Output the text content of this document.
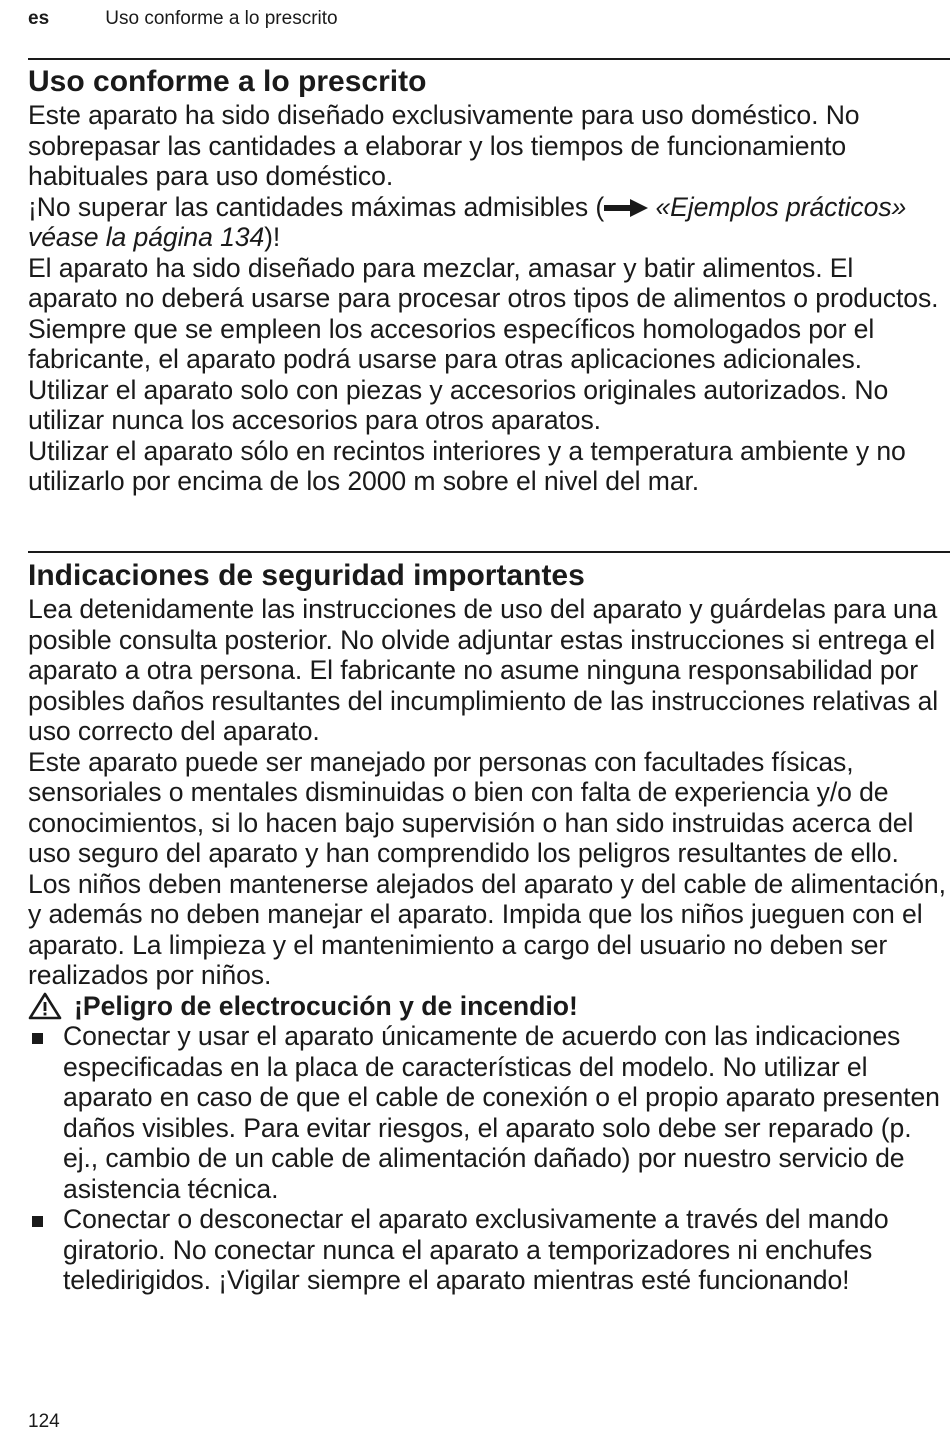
es	Uso conforme a lo prescrito
Uso conforme a lo prescrito

Este aparato ha sido diseñado exclusivamente para uso doméstico. No sobrepasar las cantidades a elaborar y los tiempos de funcionamiento habituales para uso doméstico.

¡No superar las cantidades máximas admisibles ( «Ejemplos prácticos» véase la página 134)!

El aparato ha sido diseñado para mezclar, amasar y batir alimentos. El aparato no deberá usarse para procesar otros tipos de alimentos o productos. Siempre que se empleen los accesorios específicos homologados por el fabricante, el aparato podrá usarse para otras aplicaciones adicionales. Utilizar el aparato solo con piezas y accesorios originales autorizados. No utilizar nunca los accesorios para otros aparatos.

Utilizar el aparato sólo en recintos interiores y a temperatura ambiente y no utilizarlo por encima de los 2000 m sobre el nivel del mar.

Indicaciones de seguridad importantes

Lea detenidamente las instrucciones de uso del aparato y guárdelas para una posible consulta posterior. No olvide adjuntar estas instrucciones si entrega el aparato a otra persona. El fabricante no asume ninguna responsabilidad por posibles daños resultantes del incumplimiento de las instrucciones relativas al uso correcto del aparato.

Este aparato puede ser manejado por personas con facultades físicas, sensoriales o mentales disminuidas o bien con falta de experiencia y/o de conocimientos, si lo hacen bajo supervisión o han sido instruidas acerca del uso seguro del aparato y han comprendido los peligros resultantes de ello. Los niños deben mantenerse alejados del aparato y del cable de alimentación, y además no deben manejar el aparato. Impida que los niños jueguen con el aparato. La limpieza y el mantenimiento a cargo del usuario no deben ser realizados por niños.

¡Peligro de electrocución y de incendio!
Conectar y usar el aparato únicamente de acuerdo con las indicaciones especificadas en la placa de características del modelo. No utilizar el aparato en caso de que el cable de conexión o el propio aparato presenten daños visibles. Para evitar riesgos, el aparato solo debe ser reparado (p. ej., cambio de un cable de alimentación dañado) por nuestro servicio de asistencia técnica.
Conectar o desconectar el aparato exclusivamente a través del mando giratorio. No conectar nunca el aparato a temporizadores ni enchufes teledirigidos. ¡Vigilar siempre el aparato mientras esté funcionando!
124
